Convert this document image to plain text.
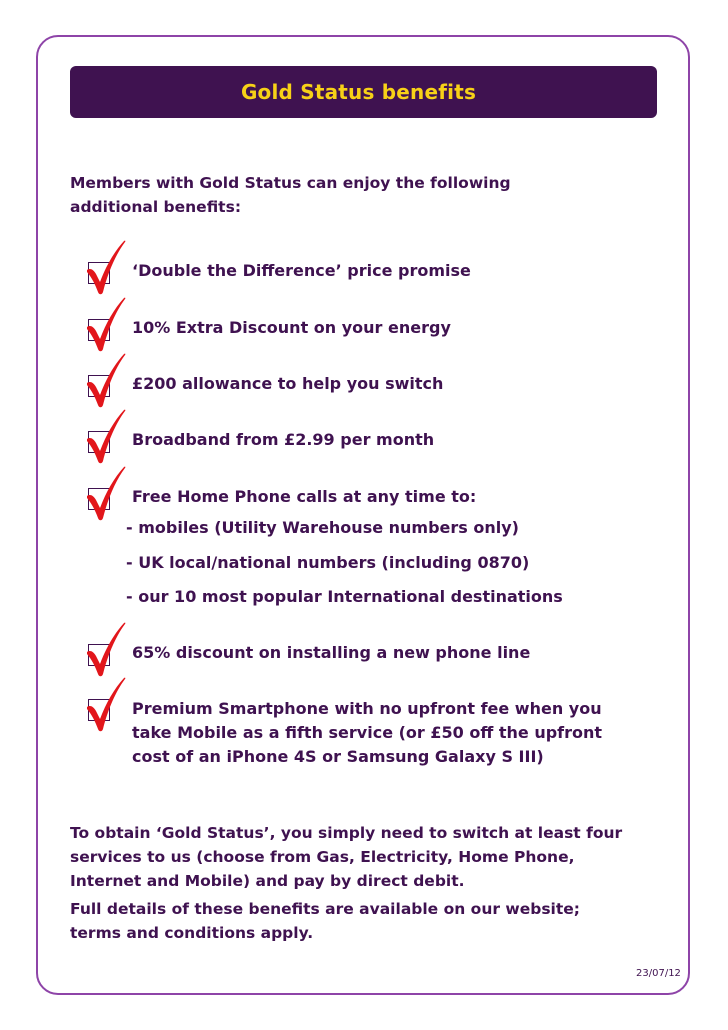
Gold Status benefits
Members with Gold Status can enjoy the following
additional benefits:
‘Double the Difference’ price promise
10% Extra Discount on your energy
£200 allowance to help you switch
Broadband from £2.99 per month
Free Home Phone calls at any time to:
- mobiles (Utility Warehouse numbers only)
- UK local/national numbers (including 0870)
- our 10 most popular International destinations
65% discount on installing a new phone line
Premium Smartphone with no upfront fee when you
take Mobile as a fifth service (or £50 off the upfront
cost of an iPhone 4S or Samsung Galaxy S III)
To obtain ‘Gold Status’, you simply need to switch at least four
services to us (choose from Gas, Electricity, Home Phone,
Internet and Mobile) and pay by direct debit.
Full details of these benefits are available on our website;
terms and conditions apply.
23/07/12
